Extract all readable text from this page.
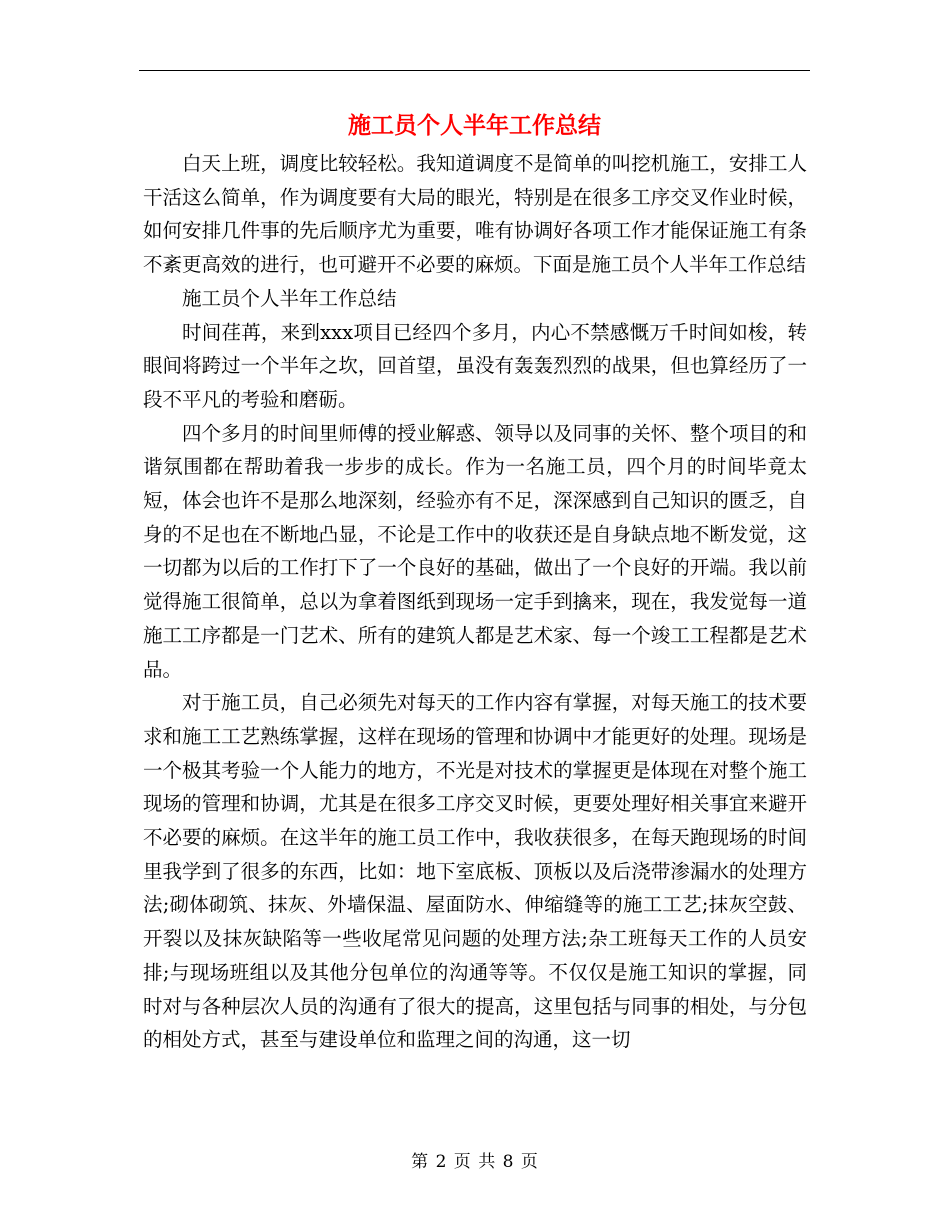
施工员个人半年工作总结

白天上班，调度比较轻松。我知道调度不是简单的叫挖机施工，安排工人干活这么简单，作为调度要有大局的眼光，特别是在很多工序交叉作业时候，如何安排几件事的先后顺序尤为重要，唯有协调好各项工作才能保证施工有条不紊更高效的进行，也可避开不必要的麻烦。下面是施工员个人半年工作总结

施工员个人半年工作总结

时间荏苒，来到xxx项目已经四个多月，内心不禁感慨万千时间如梭，转眼间将跨过一个半年之坎，回首望，虽没有轰轰烈烈的战果，但也算经历了一段不平凡的考验和磨砺。

四个多月的时间里师傅的授业解惑、领导以及同事的关怀、整个项目的和谐氛围都在帮助着我一步步的成长。作为一名施工员，四个月的时间毕竟太短，体会也许不是那么地深刻，经验亦有不足，深深感到自己知识的匮乏，自身的不足也在不断地凸显，不论是工作中的收获还是自身缺点地不断发觉，这一切都为以后的工作打下了一个良好的基础，做出了一个良好的开端。我以前觉得施工很简单，总以为拿着图纸到现场一定手到擒来，现在，我发觉每一道施工工序都是一门艺术、所有的建筑人都是艺术家、每一个竣工工程都是艺术品。

对于施工员，自己必须先对每天的工作内容有掌握，对每天施工的技术要求和施工工艺熟练掌握，这样在现场的管理和协调中才能更好的处理。现场是一个极其考验一个人能力的地方，不光是对技术的掌握更是体现在对整个施工现场的管理和协调，尤其是在很多工序交叉时候，更要处理好相关事宜来避开不必要的麻烦。在这半年的施工员工作中，我收获很多，在每天跑现场的时间里我学到了很多的东西，比如：地下室底板、顶板以及后浇带渗漏水的处理方法;砌体砌筑、抹灰、外墙保温、屋面防水、伸缩缝等的施工工艺;抹灰空鼓、开裂以及抹灰缺陷等一些收尾常见问题的处理方法;杂工班每天工作的人员安排;与现场班组以及其他分包单位的沟通等等。不仅仅是施工知识的掌握，同时对与各种层次人员的沟通有了很大的提高，这里包括与同事的相处，与分包的相处方式，甚至与建设单位和监理之间的沟通，这一切

第 2 页 共 8 页
